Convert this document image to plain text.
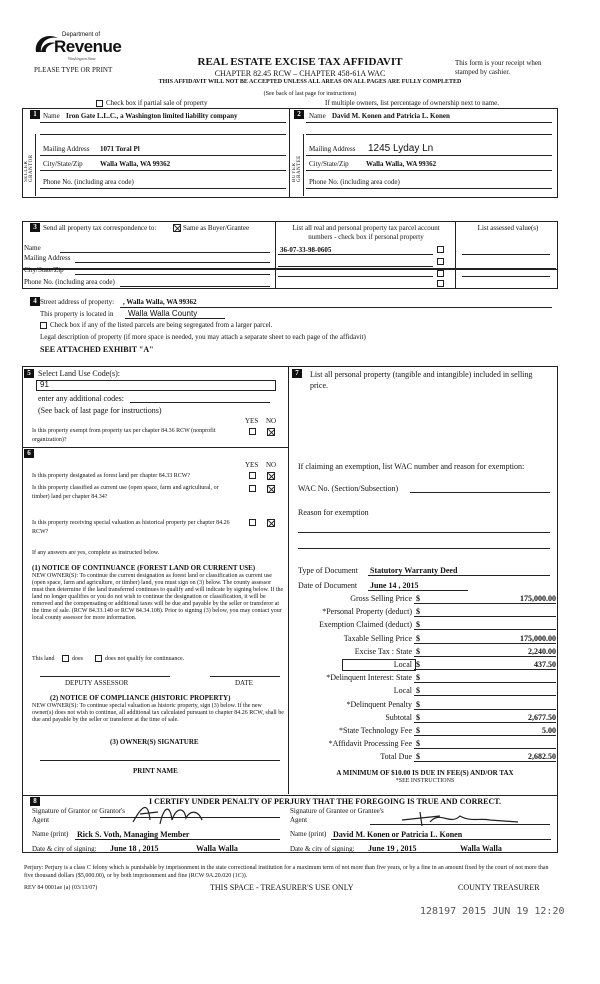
Department of
Revenue
Washington State
PLEASE TYPE OR PRINT
REAL ESTATE EXCISE TAX AFFIDAVIT
CHAPTER 82.45 RCW – CHAPTER 458-61A WAC
THIS AFFIDAVIT WILL NOT BE ACCEPTED UNLESS ALL AREAS ON ALL PAGES ARE FULLY COMPLETED
This form is your receipt when stamped by cashier.
(See back of last page for instructions)
Check box if partial sale of property	If multiple owners, list percentage of ownership next to name.
1
SELLER GRANTOR
Name Iron Gate L.L.C., a Washington limited liability company
Mailing Address 1071 Toral Pl
City/State/Zip Walla Walla, WA 99362
Phone No. (including area code)
2
BUYER GRANTEE
Name David M. Konen and Patricia L. Konen
Mailing Address 1245 Lyday Ln
City/State/Zip Walla Walla, WA 99362
Phone No. (including area code)
3 Send all property tax correspondence to:	Same as Buyer/Grantee
Name
Mailing Address
List all real and personal property tax parcel account numbers - check box if personal property
List assessed value(s)
36-07-33-98-0605
City/State/Zip
Phone No. (including area code)
4 Street address of property: , Walla Walla, WA 99362
This property is located in Walla Walla County
Check box if any of the listed parcels are being segregated from a larger parcel.
Legal description of property (if more space is needed, you may attach a separate sheet to each page of the affidavit)
SEE ATTACHED EXHIBIT "A"
5 Select Land Use Code(s):
91
enter any additional codes:
(See back of last page for instructions)
YES NO
Is this property exempt from property tax per chapter 84.36 RCW (nonprofit organization)?
6
YES NO
Is this property designated as forest land per chapter 84.33 RCW?
Is this property classified as current use (open space, farm and agricultural, or timber) land per chapter 84.34?
Is this property receiving special valuation as historical property per chapter 84.26 RCW?
If any answers are yes, complete as instructed below.
(1) NOTICE OF CONTINUANCE (FOREST LAND OR CURRENT USE)
NEW OWNER(S): To continue the current designation as forest land or classification as current use (open space, farm and agriculture, or timber) land, you must sign on (3) below. The county assessor must then determine if the land transferred continues to qualify and will indicate by signing below. If the land no longer qualifies or you do not wish to continue the designation or classification, it will be removed and the compensating or additional taxes will be due and payable by the seller or transferor at the time of sale. (RCW 84.33.140 or RCW 84.34.108). Prior to signing (3) below, you may contact your local county assessor for more information.
This land	does	does not qualify for continuance.
DEPUTY ASSESSOR	DATE
(2) NOTICE OF COMPLIANCE (HISTORIC PROPERTY)
NEW OWNER(S): To continue special valuation as historic property, sign (3) below. If the new owner(s) does not wish to continue, all additional tax calculated pursuant to chapter 84.26 RCW, shall be due and payable by the seller or transferor at the time of sale.
(3) OWNER(S) SIGNATURE
PRINT NAME
7	List all personal property (tangible and intangible) included in selling price.
If claiming an exemption, list WAC number and reason for exemption:
WAC No. (Section/Subsection)
Reason for exemption
Type of Document Statutory Warranty Deed
Date of Document June 14 , 2015
Gross Selling Price $	175,000.00
*Personal Property (deduct) $
Exemption Claimed (deduct) $
Taxable Selling Price $	175,000.00
Excise Tax : State $	2,240.00
Local $	437.50
*Delinquent Interest: State $
Local $
*Delinquent Penalty $
Subtotal $	2,677.50
*State Technology Fee $	5.00
*Affidavit Processing Fee $
Total Due $	2,682.50
A MINIMUM OF $10.00 IS DUE IN FEE(S) AND/OR TAX
*SEE INSTRUCTIONS
8	I CERTIFY UNDER PENALTY OF PERJURY THAT THE FOREGOING IS TRUE AND CORRECT.
Signature of Grantor or Grantor's Agent
Signature of Grantee or Grantee's Agent
Name (print) Rick S. Voth, Managing Member	Name (print) David M. Konen or Patricia L. Konen
Date & city of signing: June 18 , 2015	Walla Walla	Date & city of signing: June 19 , 2015	Walla Walla
Perjury: Perjury is a class C felony which is punishable by imprisonment in the state correctional institution for a maximum term of not more than five years, or by a fine in an amount fixed by the court of not more than five thousand dollars ($5,000.00), or by both imprisonment and fine (RCW 9A.20.020 (1C)).
REV 84 0001ae (a) (03/13/07)	THIS SPACE - TREASURER'S USE ONLY	COUNTY TREASURER
128197 2015 JUN 19 12:20
